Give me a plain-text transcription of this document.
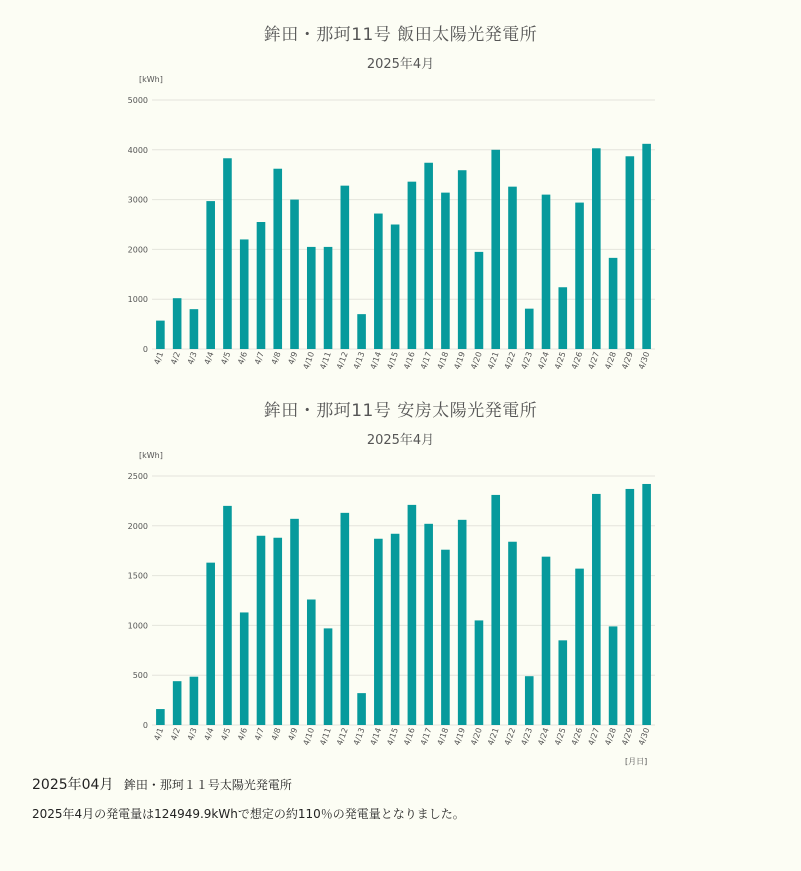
鉾田・那珂11号 飯田太陽光発電所
2025年4月
[kWh]
0
1000
2000
3000
4000
5000
4/1 4/2 4/3 4/4 4/5 4/6 4/7 4/8 4/9 4/10 4/11 4/12 4/13 4/14 4/15 4/16 4/17 4/18 4/19 4/20 4/21 4/22 4/23 4/24 4/25 4/26 4/27 4/28 4/29 4/30
鉾田・那珂11号 安房太陽光発電所
2025年4月
[kWh]
0
500
1000
1500
2000
2500
4/1 4/2 4/3 4/4 4/5 4/6 4/7 4/8 4/9 4/10 4/11 4/12 4/13 4/14 4/15 4/16 4/17 4/18 4/19 4/20 4/21 4/22 4/23 4/24 4/25 4/26 4/27 4/28 4/29 4/30
[月日]
2025年04月 鉾田・那珂１１号太陽光発電所
2025年4月の発電量は124949.9kWhで想定の約110％の発電量となりました。
